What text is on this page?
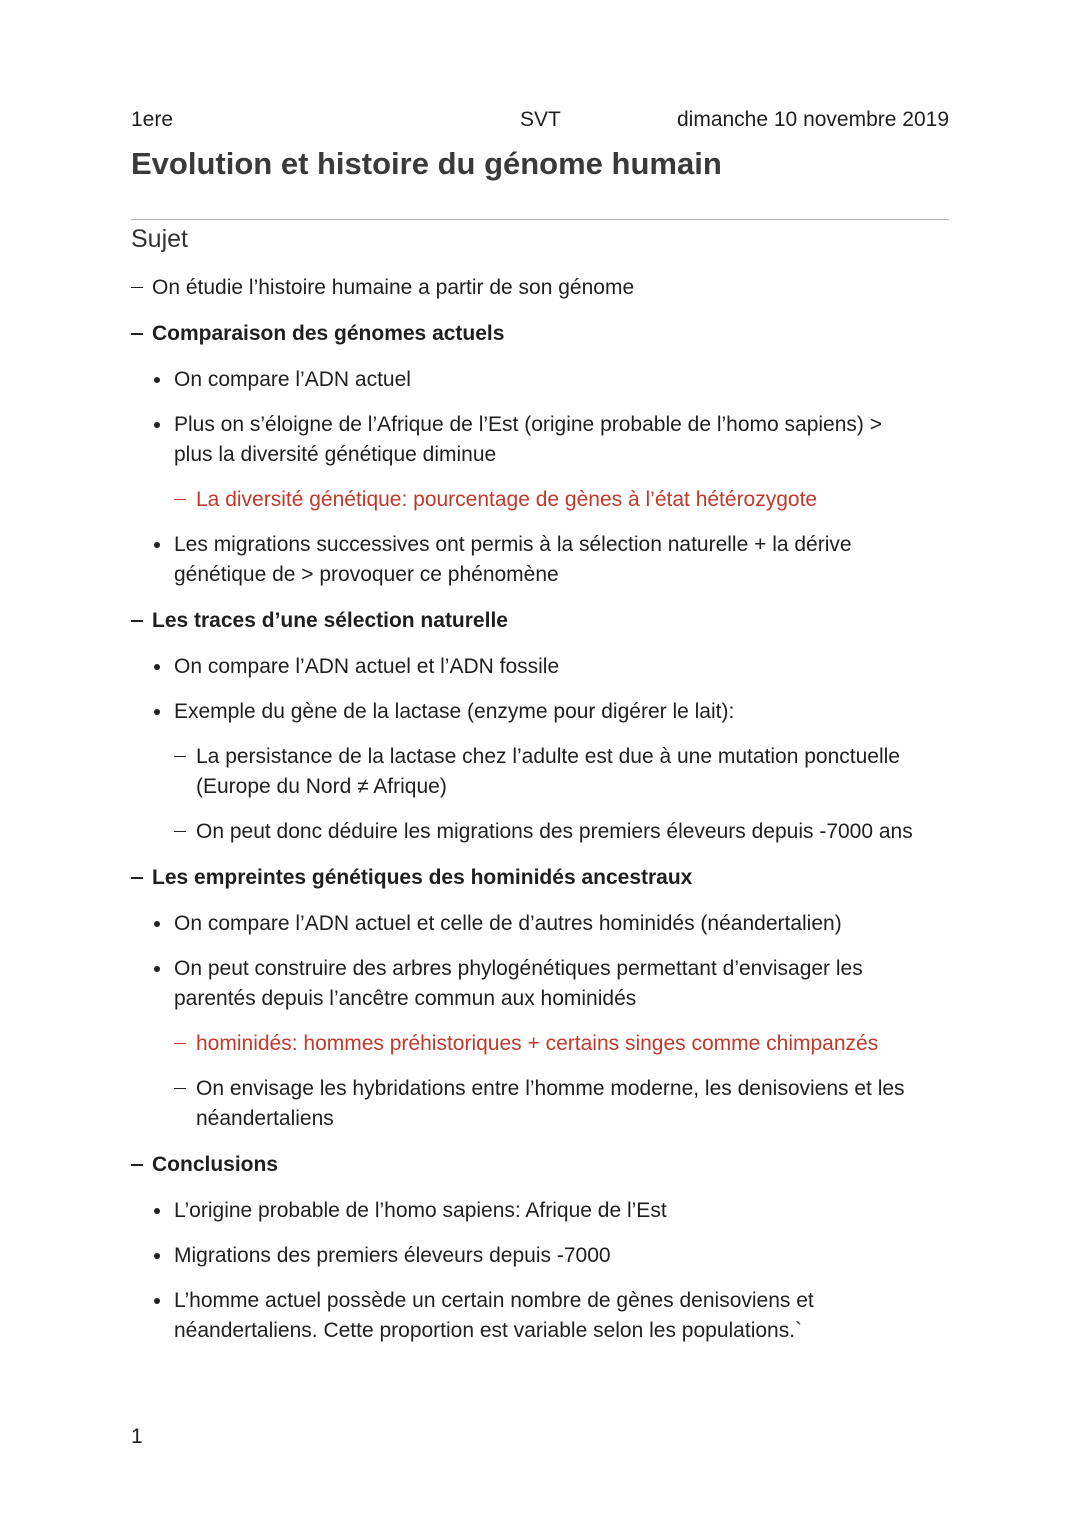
1ere	SVT	dimanche 10 novembre 2019
Evolution et histoire du génome humain
Sujet
On étudie l’histoire humaine a partir de son génome
Comparaison des génomes actuels
On compare l’ADN actuel
Plus on s’éloigne de l’Afrique de l’Est (origine probable de l’homo sapiens) >
plus la diversité génétique diminue
La diversité génétique: pourcentage de gènes à l’état hétérozygote
Les migrations successives ont permis à la sélection naturelle + la dérive
génétique de > provoquer ce phénomène
Les traces d’une sélection naturelle
On compare l’ADN actuel et l’ADN fossile
Exemple du gène de la lactase (enzyme pour digérer le lait):
La persistance de la lactase chez l’adulte est due à une mutation ponctuelle
(Europe du Nord ≠ Afrique)
On peut donc déduire les migrations des premiers éleveurs depuis -7000 ans
Les empreintes génétiques des hominidés ancestraux
On compare l’ADN actuel et celle de d’autres hominidés (néandertalien)
On peut construire des arbres phylogénétiques permettant d’envisager les
parentés depuis l’ancêtre commun aux hominidés
hominidés: hommes préhistoriques + certains singes comme chimpanzés
On envisage les hybridations entre l’homme moderne, les denisoviens et les
néandertaliens
Conclusions
L’origine probable de l’homo sapiens: Afrique de l’Est
Migrations des premiers éleveurs depuis -7000
L’homme actuel possède un certain nombre de gènes denisoviens et
néandertaliens. Cette proportion est variable selon les populations.`
1
